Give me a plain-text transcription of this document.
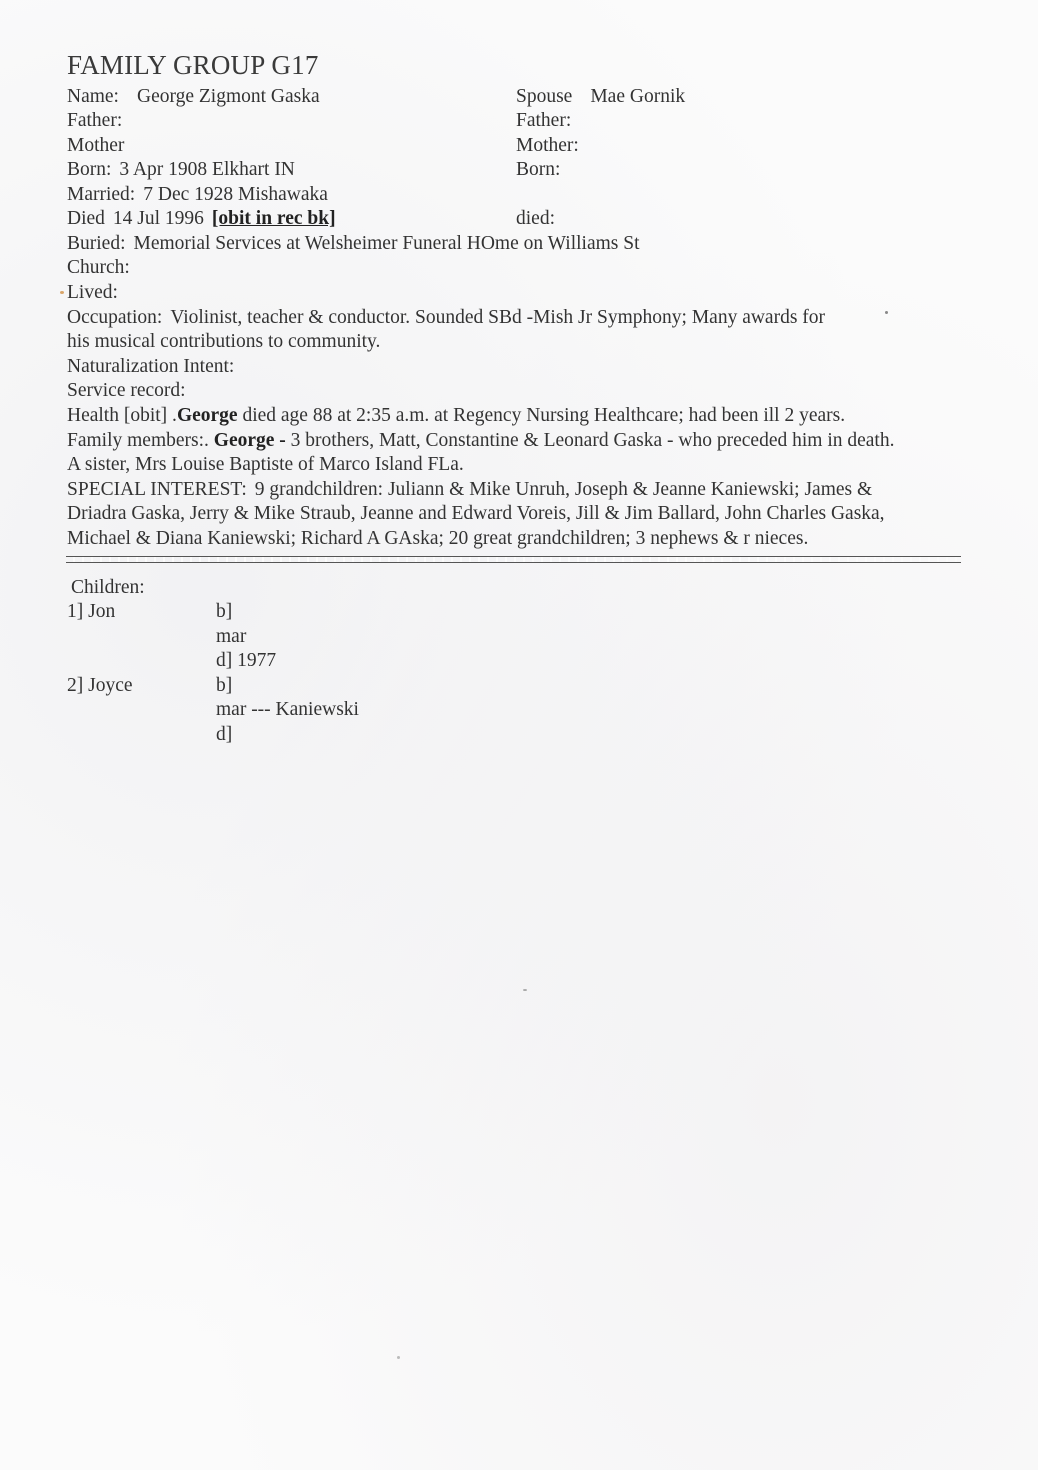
FAMILY GROUP G17
Name: George Zigmont Gaska
Father:
Mother
Born: 3 Apr 1908 Elkhart IN
Married: 7 Dec 1928 Mishawaka
Died 14 Jul 1996 [obit in rec bk]
Buried: Memorial Services at Welsheimer Funeral HOme on Williams St
Church:
Lived:
Occupation: Violinist, teacher & conductor. Sounded SBd -Mish Jr Symphony; Many awards for
his musical contributions to community.
Naturalization Intent:
Service record:
Health [obit] .George died age 88 at 2:35 a.m. at Regency Nursing Healthcare; had been ill 2 years.
Family members:. George - 3 brothers, Matt, Constantine & Leonard Gaska - who preceded him in death.
A sister, Mrs Louise Baptiste of Marco Island FLa.
SPECIAL INTEREST: 9 grandchildren: Juliann & Mike Unruh, Joseph & Jeanne Kaniewski; James &
Driadra Gaska, Jerry & Mike Straub, Jeanne and Edward Voreis, Jill & Jim Ballard, John Charles Gaska,
Michael & Diana Kaniewski; Richard A GAska; 20 great grandchildren; 3 nephews & r nieces.
Spouse Mae Gornik
Father:
Mother:
Born:
died:
Children:
1] Jon	b]
mar
d] 1977
2] Joyce	b]
mar --- Kaniewski
d]
